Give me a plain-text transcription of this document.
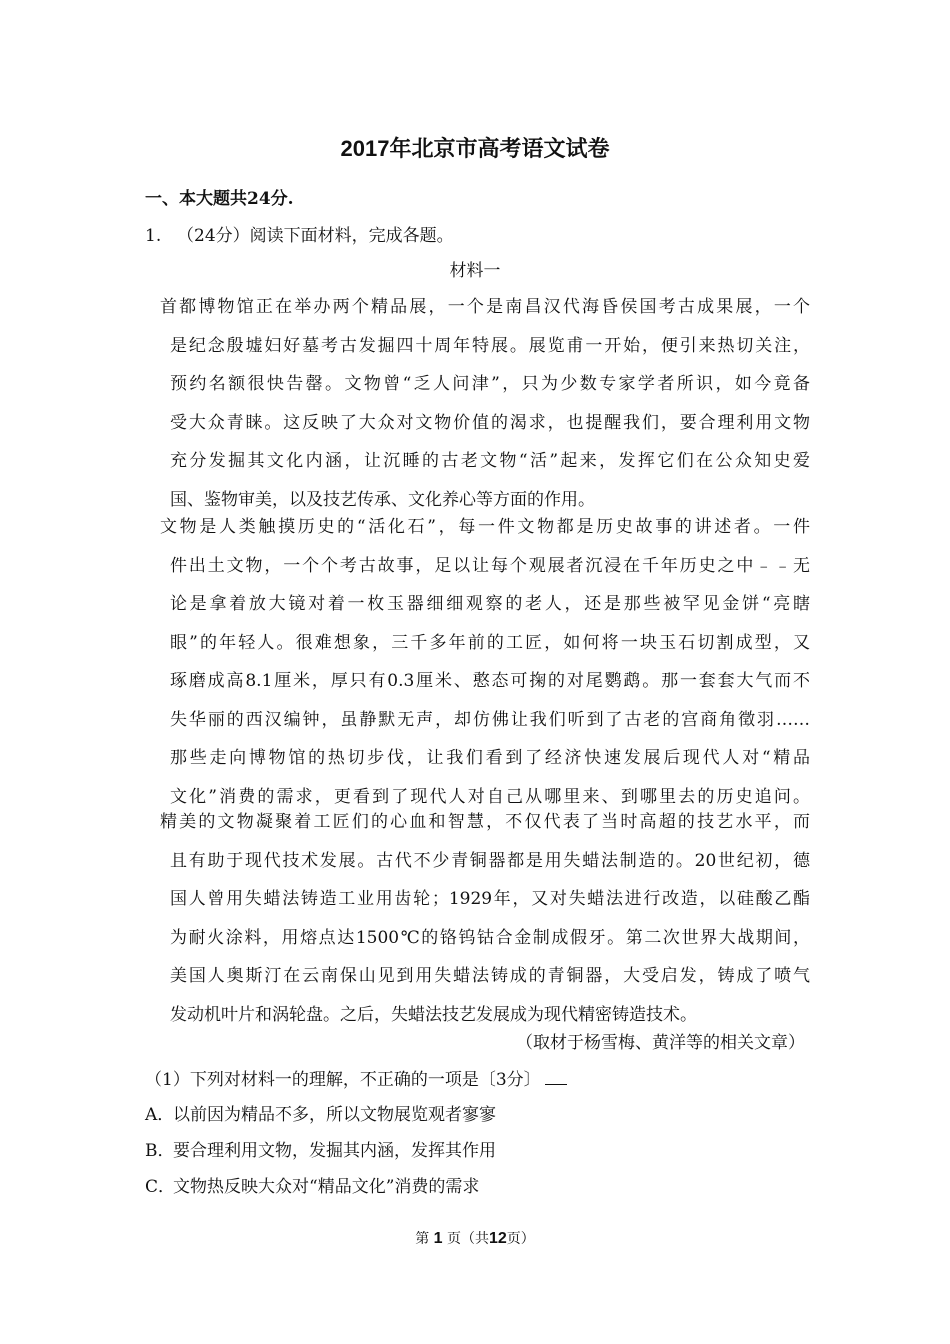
2017年北京市高考语文试卷
一、本大题共24分.
1. （24分）阅读下面材料，完成各题。
材料一
首都博物馆正在举办两个精品展，一个是南昌汉代海昏侯国考古成果展，一个
是纪念殷墟妇好墓考古发掘四十周年特展。展览甫一开始，便引来热切关注，
预约名额很快告罄。文物曾“乏人问津”，只为少数专家学者所识，如今竟备
受大众青睐。这反映了大众对文物价值的渴求，也提醒我们，要合理利用文物
充分发掘其文化内涵，让沉睡的古老文物“活”起来，发挥它们在公众知史爱
国、鉴物审美，以及技艺传承、文化养心等方面的作用。
文物是人类触摸历史的“活化石”，每一件文物都是历史故事的讲述者。一件
件出土文物，一个个考古故事，足以让每个观展者沉浸在千年历史之中﹣﹣无
论是拿着放大镜对着一枚玉器细细观察的老人，还是那些被罕见金饼“亮瞎
眼”的年轻人。很难想象，三千多年前的工匠，如何将一块玉石切割成型，又
琢磨成高8.1厘米，厚只有0.3厘米、憨态可掬的对尾鹦鹉。那一套套大气而不
失华丽的西汉编钟，虽静默无声，却仿佛让我们听到了古老的宫商角徵羽……
那些走向博物馆的热切步伐，让我们看到了经济快速发展后现代人对“精品
文化”消费的需求，更看到了现代人对自己从哪里来、到哪里去的历史追问。
精美的文物凝聚着工匠们的心血和智慧，不仅代表了当时高超的技艺水平，而
且有助于现代技术发展。古代不少青铜器都是用失蜡法制造的。20世纪初，德
国人曾用失蜡法铸造工业用齿轮；1929年，又对失蜡法进行改造，以硅酸乙酯
为耐火涂料，用熔点达1500℃的铬钨钴合金制成假牙。第二次世界大战期间，
美国人奥斯汀在云南保山见到用失蜡法铸成的青铜器，大受启发，铸成了喷气
发动机叶片和涡轮盘。之后，失蜡法技艺发展成为现代精密铸造技术。
（取材于杨雪梅、黄洋等的相关文章）
（1）下列对材料一的理解，不正确的一项是〔3分〕
A．以前因为精品不多，所以文物展览观者寥寥
B．要合理利用文物，发掘其内涵，发挥其作用
C．文物热反映大众对“精品文化”消费的需求
第 1 页（共12页）
